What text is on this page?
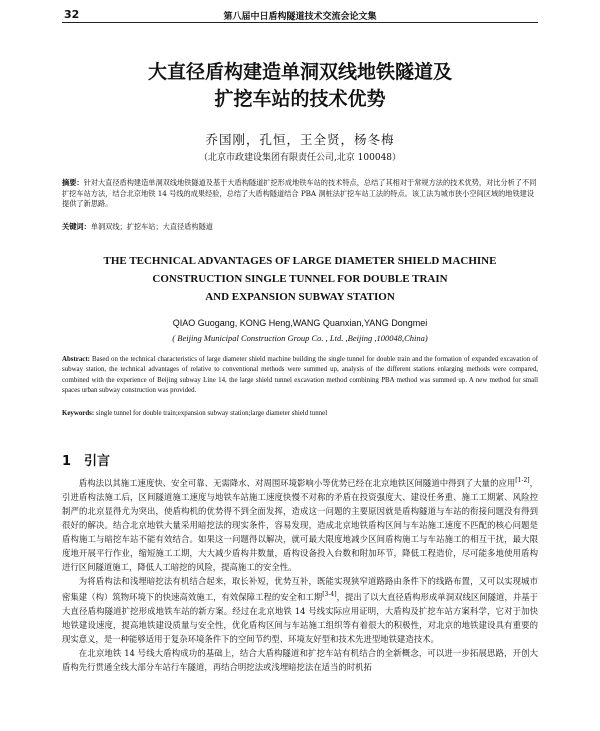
32	第八届中日盾构隧道技术交流会论文集
大直径盾构建造单洞双线地铁隧道及
扩挖车站的技术优势
乔国刚，孔恒，王全贤，杨冬梅
（北京市政建设集团有限责任公司,北京 100048）
摘要：针对大直径盾构建造单洞双线地铁隧道及基于大盾构隧道扩挖形成地铁车站的技术特点，总结了其相对于常规方法的技术优势，对比分析了不同扩挖车站方法，结合北京地铁 14 号线的成果经验，总结了大盾构隧道结合 PBA 洞桩法扩挖车站工法的特点。该工法为城市狭小空间区域的地铁建设提供了新思路。
关键词：单洞双线；扩挖车站；大直径盾构隧道
THE TECHNICAL ADVANTAGES OF LARGE DIAMETER SHIELD MACHINE
CONSTRUCTION SINGLE TUNNEL FOR DOUBLE TRAIN
AND EXPANSION SUBWAY STATION
QIAO Guogang, KONG Heng,WANG Quanxian,YANG Dongmei
( Beijing Municipal Construction Group Co. , Ltd. ,Beijing ,100048,China)
Abstract: Based on the technical characteristics of large diameter shield machine building the single tunnel for double train and the formation of expanded excavation of subway station, the technical advantages of relative to conventional methods were summed up, analysis of the different stations enlarging methods were compared, combined with the experience of Beijing subway Line 14, the large shield tunnel excavation method combining PBA method was summed up. A new method for small spaces urban subway construction was provided.
Keywords: single tunnel for double train;expansion subway station;large diameter shield tunnel
1 引言

盾构法以其施工速度快、安全可靠、无需降水、对周围环境影响小等优势已经在北京地铁区间隧道中得到了大量的应用[1-2]，引进盾构法施工后，区间隧道施工速度与地铁车站施工速度快慢不对称的矛盾在投资强度大、建设任务重、施工工期紧、风险控制严的北京显得尤为突出，使盾构机的优势得不到全面发挥，造成这一问题的主要原因就是盾构隧道与车站的衔接问题没有得到很好的解决。结合北京地铁大量采用暗挖法的现实条件，容易发现，造成北京地铁盾构区间与车站施工速度不匹配的核心问题是盾构施工与暗挖车站不能有效结合。如果这一问题得以解决，就可最大限度地减少区间盾构施工与车站施工的相互干扰，最大限度地开展平行作业，缩短施工工期，大大减少盾构井数量，盾构设备投入台数和附加环节，降低工程造价，尽可能多地使用盾构进行区间隧道施工，降低人工暗挖的风险，提高施工的安全性。

为将盾构法和浅埋暗挖法有机结合起来，取长补短，优势互补，既能实现狭窄道路路由条件下的线路布置，又可以实现城市密集建（构）筑物环境下的快速高效施工，有效保障工程的安全和工期[3-4]，提出了以大直径盾构形成单洞双线区间隧道，并基于大直径盾构隧道扩挖形成地铁车站的新方案。经过在北京地铁 14 号线实际应用证明，大盾构及扩挖车站方案科学，它对于加快地铁建设速度，提高地铁建设质量与安全性，优化盾构区间与车站施工组织等有着很大的积极性，对北京的地铁建设具有重要的现实意义，是一种能够适用于复杂环境条件下的空间节约型、环境友好型和技术先进型地铁建造技术。

在北京地铁 14 号线大盾构成功的基础上，结合大盾构隧道和扩挖车站有机结合的全新概念，可以进一步拓展思路，开创大盾构先行贯通全线大部分车站行车隧道，再结合明挖法或浅埋暗挖法在适当的时机拓
